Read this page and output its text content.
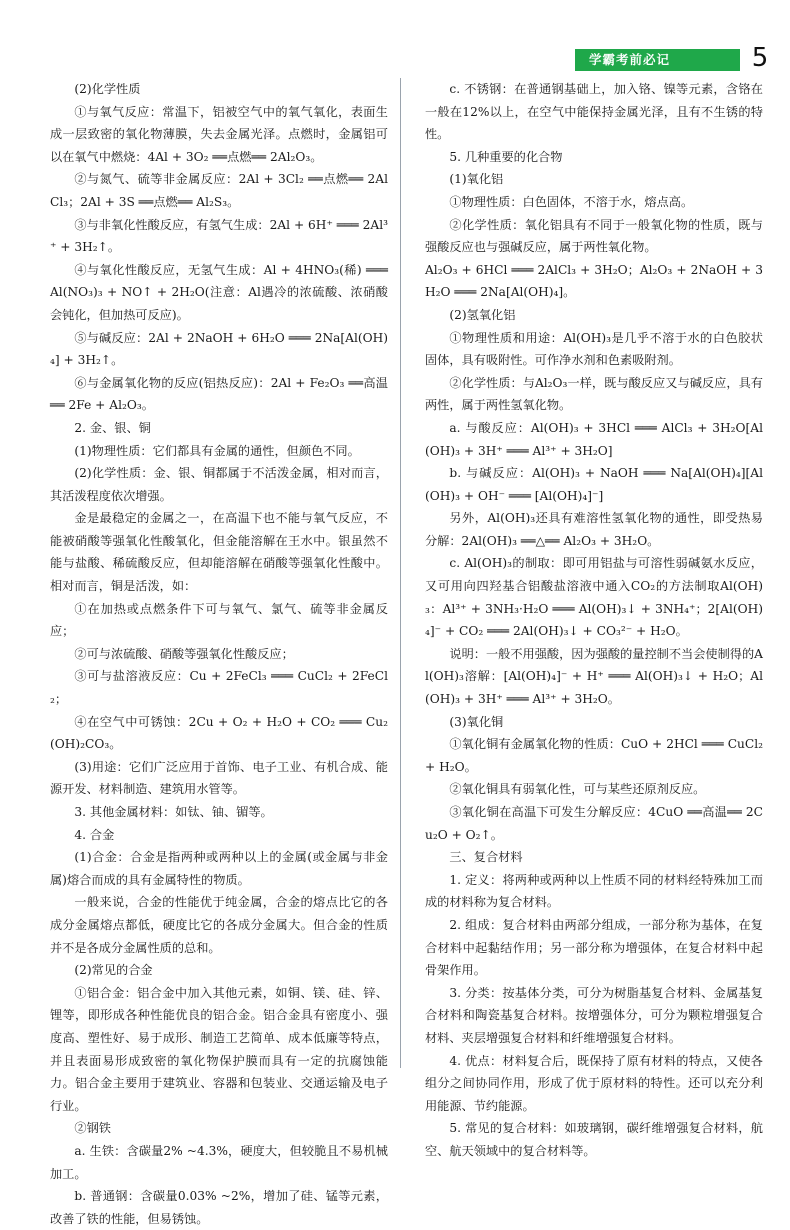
学霸考前必记	5

(2)化学性质

①与氧气反应：常温下，铝被空气中的氧气氧化，表面生成一层致密的氧化物薄膜，失去金属光泽。点燃时，金属铝可以在氧气中燃烧：4Al + 3O₂ ══点燃══ 2Al₂O₃。

②与氮气、硫等非金属反应：2Al + 3Cl₂ ══点燃══ 2AlCl₃；2Al + 3S ══点燃══ Al₂S₃。

③与非氧化性酸反应，有氢气生成：2Al + 6H⁺ ═══ 2Al³⁺ + 3H₂↑。

④与氧化性酸反应，无氢气生成：Al + 4HNO₃(稀) ═══ Al(NO₃)₃ + NO↑ + 2H₂O(注意：Al遇冷的浓硫酸、浓硝酸会钝化，但加热可反应)。

⑤与碱反应：2Al + 2NaOH + 6H₂O ═══ 2Na[Al(OH)₄] + 3H₂↑。

⑥与金属氧化物的反应(铝热反应)：2Al + Fe₂O₃ ══高温══ 2Fe + Al₂O₃。

2. 金、银、铜

(1)物理性质：它们都具有金属的通性，但颜色不同。

(2)化学性质：金、银、铜都属于不活泼金属，相对而言，其活泼程度依次增强。

金是最稳定的金属之一，在高温下也不能与氧气反应，不能被硝酸等强氧化性酸氧化，但金能溶解在王水中。银虽然不能与盐酸、稀硫酸反应，但却能溶解在硝酸等强氧化性酸中。相对而言，铜是活泼，如：

①在加热或点燃条件下可与氧气、氯气、硫等非金属反应；

②可与浓硫酸、硝酸等强氧化性酸反应；

③可与盐溶液反应：Cu + 2FeCl₃ ═══ CuCl₂ + 2FeCl₂；

④在空气中可锈蚀：2Cu + O₂ + H₂O + CO₂ ═══ Cu₂(OH)₂CO₃。

(3)用途：它们广泛应用于首饰、电子工业、有机合成、能源开发、材料制造、建筑用水管等。

3. 其他金属材料：如钛、铀、镅等。

4. 合金

(1)合金：合金是指两种或两种以上的金属(或金属与非金属)熔合而成的具有金属特性的物质。

一般来说，合金的性能优于纯金属，合金的熔点比它的各成分金属熔点都低，硬度比它的各成分金属大。但合金的性质并不是各成分金属性质的总和。

(2)常见的合金

①铝合金：铝合金中加入其他元素，如铜、镁、硅、锌、锂等，即形成各种性能优良的铝合金。铝合金具有密度小、强度高、塑性好、易于成形、制造工艺简单、成本低廉等特点，并且表面易形成致密的氧化物保护膜而具有一定的抗腐蚀能力。铝合金主要用于建筑业、容器和包装业、交通运输及电子行业。

②钢铁

a. 生铁：含碳量2% ~4.3%，硬度大，但较脆且不易机械加工。

b. 普通钢：含碳量0.03% ~2%，增加了硅、锰等元素，改善了铁的性能，但易锈蚀。

c. 不锈钢：在普通钢基础上，加入铬、镍等元素，含铬在一般在12%以上，在空气中能保持金属光泽，且有不生锈的特性。

5. 几种重要的化合物

(1)氧化铝

①物理性质：白色固体，不溶于水，熔点高。

②化学性质：氧化铝具有不同于一般氧化物的性质，既与强酸反应也与强碱反应，属于两性氧化物。

Al₂O₃ + 6HCl ═══ 2AlCl₃ + 3H₂O；Al₂O₃ + 2NaOH + 3H₂O ═══ 2Na[Al(OH)₄]。

(2)氢氧化铝

①物理性质和用途：Al(OH)₃是几乎不溶于水的白色胶状固体，具有吸附性。可作净水剂和色素吸附剂。

②化学性质：与Al₂O₃一样，既与酸反应又与碱反应，具有两性，属于两性氢氧化物。

a. 与酸反应：Al(OH)₃ + 3HCl ═══ AlCl₃ + 3H₂O[Al(OH)₃ + 3H⁺ ═══ Al³⁺ + 3H₂O]

b. 与碱反应：Al(OH)₃ + NaOH ═══ Na[Al(OH)₄][Al(OH)₃ + OH⁻ ═══ [Al(OH)₄]⁻]

另外，Al(OH)₃还具有难溶性氢氧化物的通性，即受热易分解：2Al(OH)₃ ══△══ Al₂O₃ + 3H₂O。

c. Al(OH)₃的制取：即可用铝盐与可溶性弱碱氨水反应，又可用向四羟基合铝酸盐溶液中通入CO₂的方法制取Al(OH)₃：Al³⁺ + 3NH₃·H₂O ═══ Al(OH)₃↓ + 3NH₄⁺；2[Al(OH)₄]⁻ + CO₂ ═══ 2Al(OH)₃↓ + CO₃²⁻ + H₂O。

说明：一般不用强酸，因为强酸的量控制不当会使制得的Al(OH)₃溶解：[Al(OH)₄]⁻ + H⁺ ═══ Al(OH)₃↓ + H₂O；Al(OH)₃ + 3H⁺ ═══ Al³⁺ + 3H₂O。

(3)氧化铜

①氧化铜有金属氧化物的性质：CuO + 2HCl ═══ CuCl₂ + H₂O。

②氧化铜具有弱氧化性，可与某些还原剂反应。

③氧化铜在高温下可发生分解反应：4CuO ══高温══ 2Cu₂O + O₂↑。

三、复合材料

1. 定义：将两种或两种以上性质不同的材料经特殊加工而成的材料称为复合材料。

2. 组成：复合材料由两部分组成，一部分称为基体，在复合材料中起黏结作用；另一部分称为增强体，在复合材料中起骨架作用。

3. 分类：按基体分类，可分为树脂基复合材料、金属基复合材料和陶瓷基复合材料。按增强体分，可分为颗粒增强复合材料、夹层增强复合材料和纤维增强复合材料。

4. 优点：材料复合后，既保持了原有材料的特点，又使各组分之间协同作用，形成了优于原材料的特性。还可以充分利用能源、节约能源。

5. 常见的复合材料：如玻璃钢，碳纤维增强复合材料，航空、航天领域中的复合材料等。
